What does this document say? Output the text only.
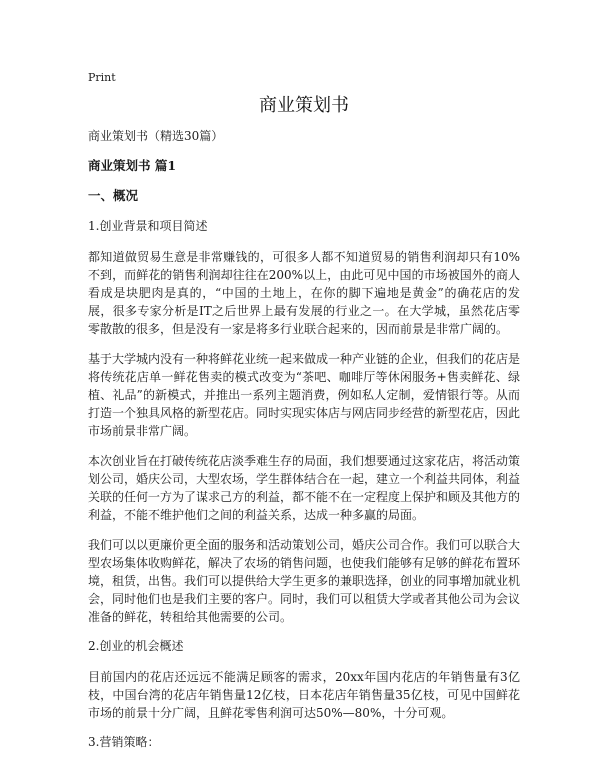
Print
商业策划书

商业策划书（精选30篇）

商业策划书 篇1

一、概况

1.创业背景和项目简述

都知道做贸易生意是非常赚钱的，可很多人都不知道贸易的销售利润却只有10%不到，而鲜花的销售利润却往往在200%以上，由此可见中国的市场被国外的商人看成是块肥肉是真的，“中国的土地上，在你的脚下遍地是黄金”的确花店的发展，很多专家分析是IT之后世界上最有发展的行业之一。在大学城，虽然花店零零散散的很多，但是没有一家是将多行业联合起来的，因而前景是非常广阔的。

基于大学城内没有一种将鲜花业统一起来做成一种产业链的企业，但我们的花店是将传统花店单一鲜花售卖的模式改变为“茶吧、咖啡厅等休闲服务+售卖鲜花、绿植、礼品”的新模式，并推出一系列主题消费，例如私人定制，爱情银行等。从而打造一个独具风格的新型花店。同时实现实体店与网店同步经营的新型花店，因此市场前景非常广阔。

本次创业旨在打破传统花店淡季难生存的局面，我们想要通过这家花店，将活动策划公司，婚庆公司，大型农场，学生群体结合在一起，建立一个利益共同体，利益关联的任何一方为了谋求己方的利益，都不能不在一定程度上保护和顾及其他方的利益，不能不维护他们之间的利益关系，达成一种多赢的局面。

我们可以以更廉价更全面的服务和活动策划公司，婚庆公司合作。我们可以联合大型农场集体收购鲜花，解决了农场的销售问题，也使我们能够有足够的鲜花布置环境，租赁，出售。我们可以提供给大学生更多的兼职选择，创业的同事增加就业机会，同时他们也是我们主要的客户。同时，我们可以租赁大学或者其他公司为会议准备的鲜花，转租给其他需要的公司。

2.创业的机会概述

目前国内的花店还远远不能满足顾客的需求，20xx年国内花店的年销售量有3亿枝，中国台湾的花店年销售量12亿枝，日本花店年销售量35亿枝，可见中国鲜花市场的前景十分广阔，且鲜花零售利润可达50%—80%，十分可观。

3.营销策略：
